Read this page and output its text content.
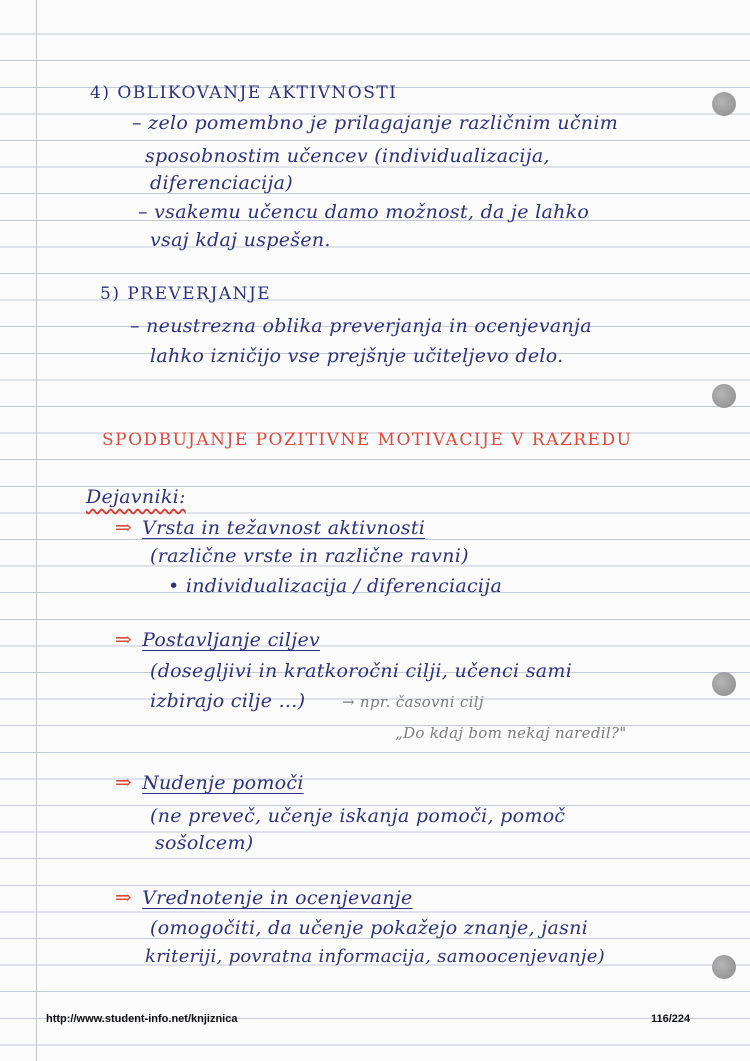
4) OBLIKOVANJE AKTIVNOSTI
– zelo pomembno je prilagajanje različnim učnim
sposobnostim učencev (individualizacija,
diferenciacija)
– vsakemu učencu damo možnost, da je lahko
vsaj kdaj uspešen.
5) PREVERJANJE
– neustrezna oblika preverjanja in ocenjevanja
lahko izničijo vse prejšnje učiteljevo delo.
SPODBUJANJE POZITIVNE MOTIVACIJE V RAZREDU
Dejavniki:
⇒ Vrsta in težavnost aktivnosti
(različne vrste in različne ravni)
• individualizacija / diferenciacija
⇒ Postavljanje ciljev
(dosegljivi in kratkoročni cilji, učenci sami
izbirajo cilje ...) → npr. časovni cilj
„Do kdaj bom nekaj naredil?"
⇒ Nudenje pomoči
(ne preveč, učenje iskanja pomoči, pomoč
sošolcem)
⇒ Vrednotenje in ocenjevanje
(omogočiti, da učenje pokažejo znanje, jasni
kriteriji, povratna informacija, samoocenjevanje)
http://www.student-info.net/knjiznica	116/224
